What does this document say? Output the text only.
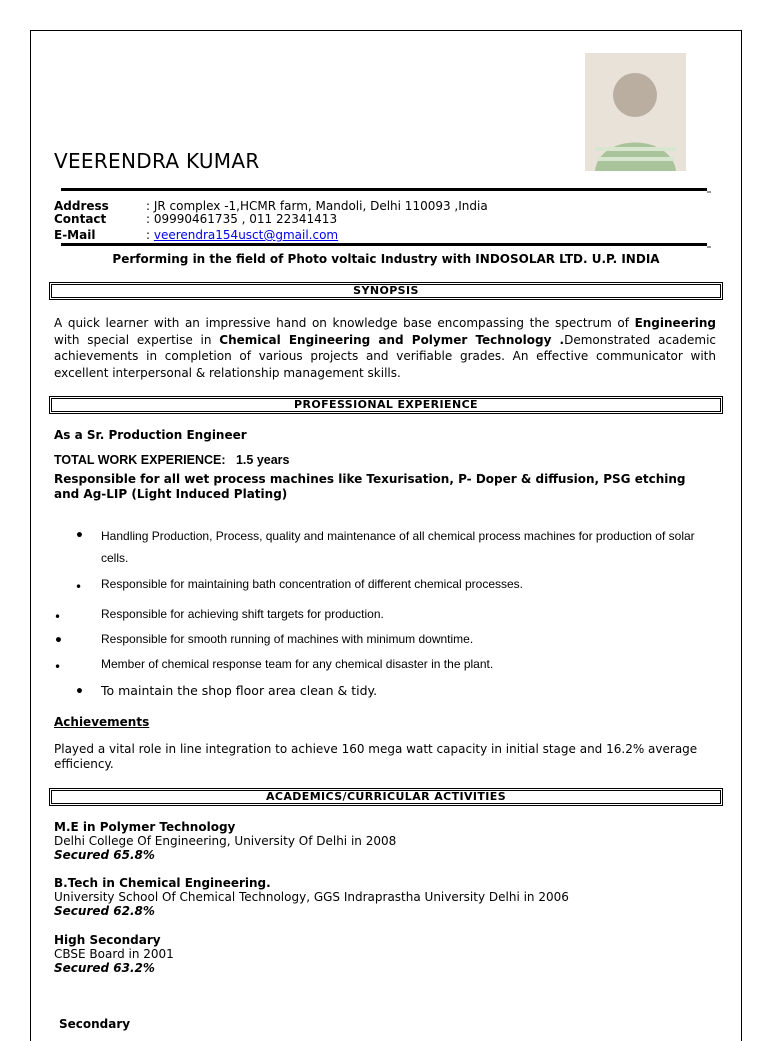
VEERENDRA KUMAR
Address	: JR complex -1,HCMR farm, Mandoli, Delhi 110093 ,India
Contact	: 09990461735 , 011 22341413
E-Mail	: veerendra154usct@gmail.com
Performing in the field of Photo voltaic Industry with INDOSOLAR LTD. U.P. INDIA
SYNOPSIS
A quick learner with an impressive hand on knowledge base encompassing the spectrum of Engineering with special expertise in Chemical Engineering and Polymer Technology .Demonstrated academic achievements in completion of various projects and verifiable grades. An effective communicator with excellent interpersonal & relationship management skills.
PROFESSIONAL EXPERIENCE
As a Sr. Production Engineer
TOTAL WORK EXPERIENCE: 1.5 years
Responsible for all wet process machines like Texurisation, P- Doper & diffusion, PSG etching and Ag-LIP (Light Induced Plating)
• Handling Production, Process, quality and maintenance of all chemical process machines for production of solar cells.
• Responsible for maintaining bath concentration of different chemical processes.
•	Responsible for achieving shift targets for production.
•	Responsible for smooth running of machines with minimum downtime.
•	Member of chemical response team for any chemical disaster in the plant.
• To maintain the shop floor area clean & tidy.
Achievements
Played a vital role in line integration to achieve 160 mega watt capacity in initial stage and 16.2% average efficiency.
ACADEMICS/CURRICULAR ACTIVITIES
M.E in Polymer Technology
Delhi College Of Engineering, University Of Delhi in 2008
Secured 65.8%
B.Tech in Chemical Engineering.
University School Of Chemical Technology, GGS Indraprastha University Delhi in 2006
Secured 62.8%
High Secondary
CBSE Board in 2001
Secured 63.2%
Secondary
